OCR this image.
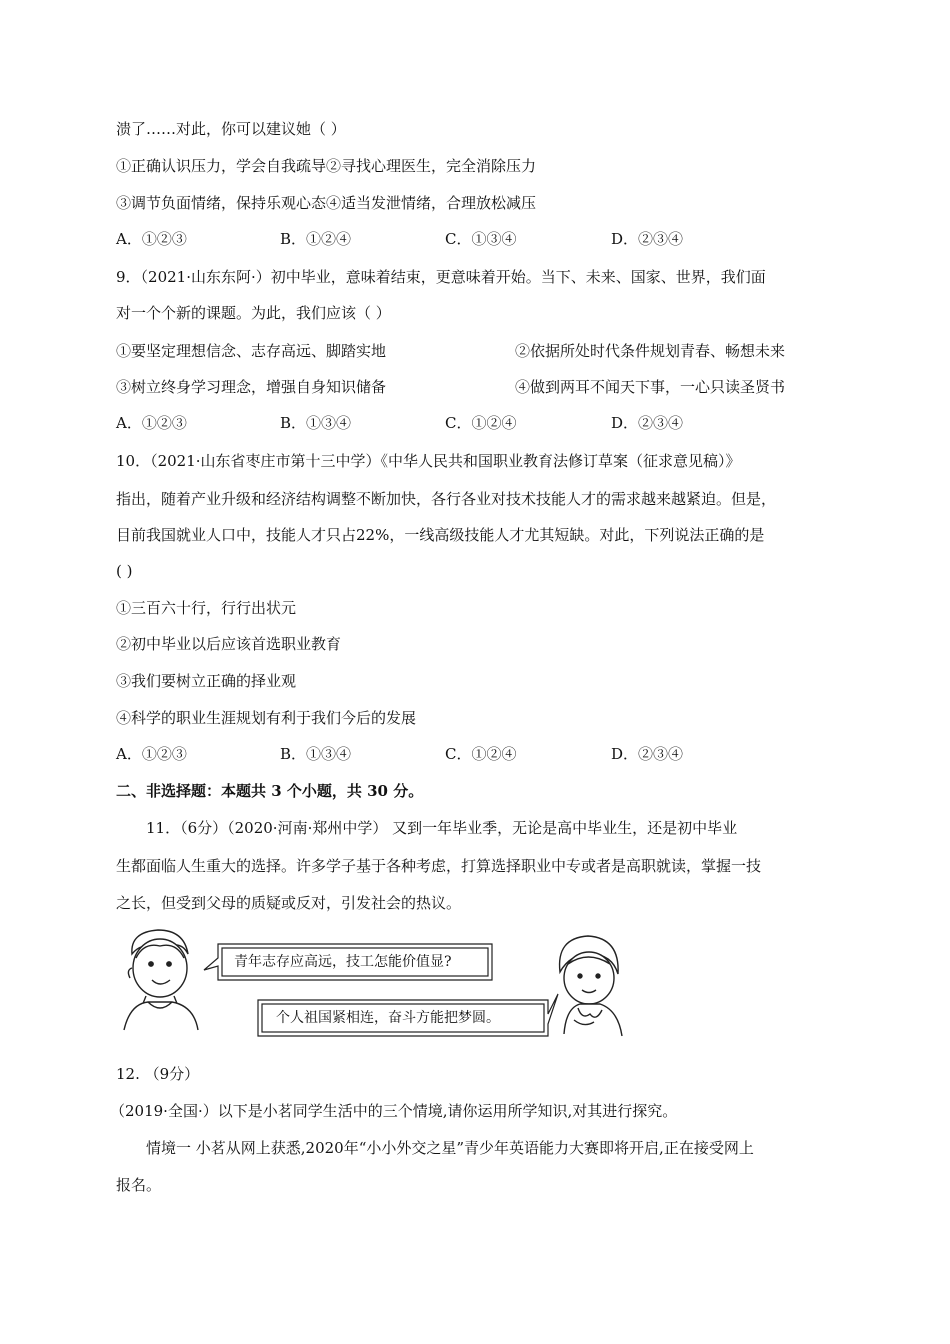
溃了……对此，你可以建议她（ ）
①正确认识压力，学会自我疏导②寻找心理医生，完全消除压力
③调节负面情绪，保持乐观心态④适当发泄情绪，合理放松减压
A．①②③	B．①②④	C．①③④	D．②③④
9．（2021·山东东阿·）初中毕业，意味着结束，更意味着开始。当下、未来、国家、世界，我们面
对一个个新的课题。为此，我们应该（ ）
①要坚定理想信念、志存高远、脚踏实地	②依据所处时代条件规划青春、畅想未来
③树立终身学习理念，增强自身知识储备	④做到两耳不闻天下事，一心只读圣贤书
A．①②③	B．①③④	C．①②④	D．②③④
10．（2021·山东省枣庄市第十三中学）《中华人民共和国职业教育法修订草案（征求意见稿）》
指出，随着产业升级和经济结构调整不断加快，各行各业对技术技能人才的需求越来越紧迫。但是，
目前我国就业人口中，技能人才只占22%，一线高级技能人才尤其短缺。对此，下列说法正确的是
( )
①三百六十行，行行出状元
②初中毕业以后应该首选职业教育
③我们要树立正确的择业观
④科学的职业生涯规划有利于我们今后的发展
A．①②③	B．①③④	C．①②④	D．②③④
二、非选择题：本题共 3 个小题，共 30 分。
11．（6分）（2020·河南·郑州中学） 又到一年毕业季，无论是高中毕业生，还是初中毕业
生都面临人生重大的选择。许多学子基于各种考虑，打算选择职业中专或者是高职就读，掌握一技
之长，但受到父母的质疑或反对，引发社会的热议。
青年志存应高远，技工怎能价值显?
个人祖国紧相连，奋斗方能把梦圆。
12. （9分）
（2019·全国·）以下是小茗同学生活中的三个情境,请你运用所学知识,对其进行探究。
情境一 小茗从网上获悉,2020年“小小外交之星”青少年英语能力大赛即将开启,正在接受网上
报名。
